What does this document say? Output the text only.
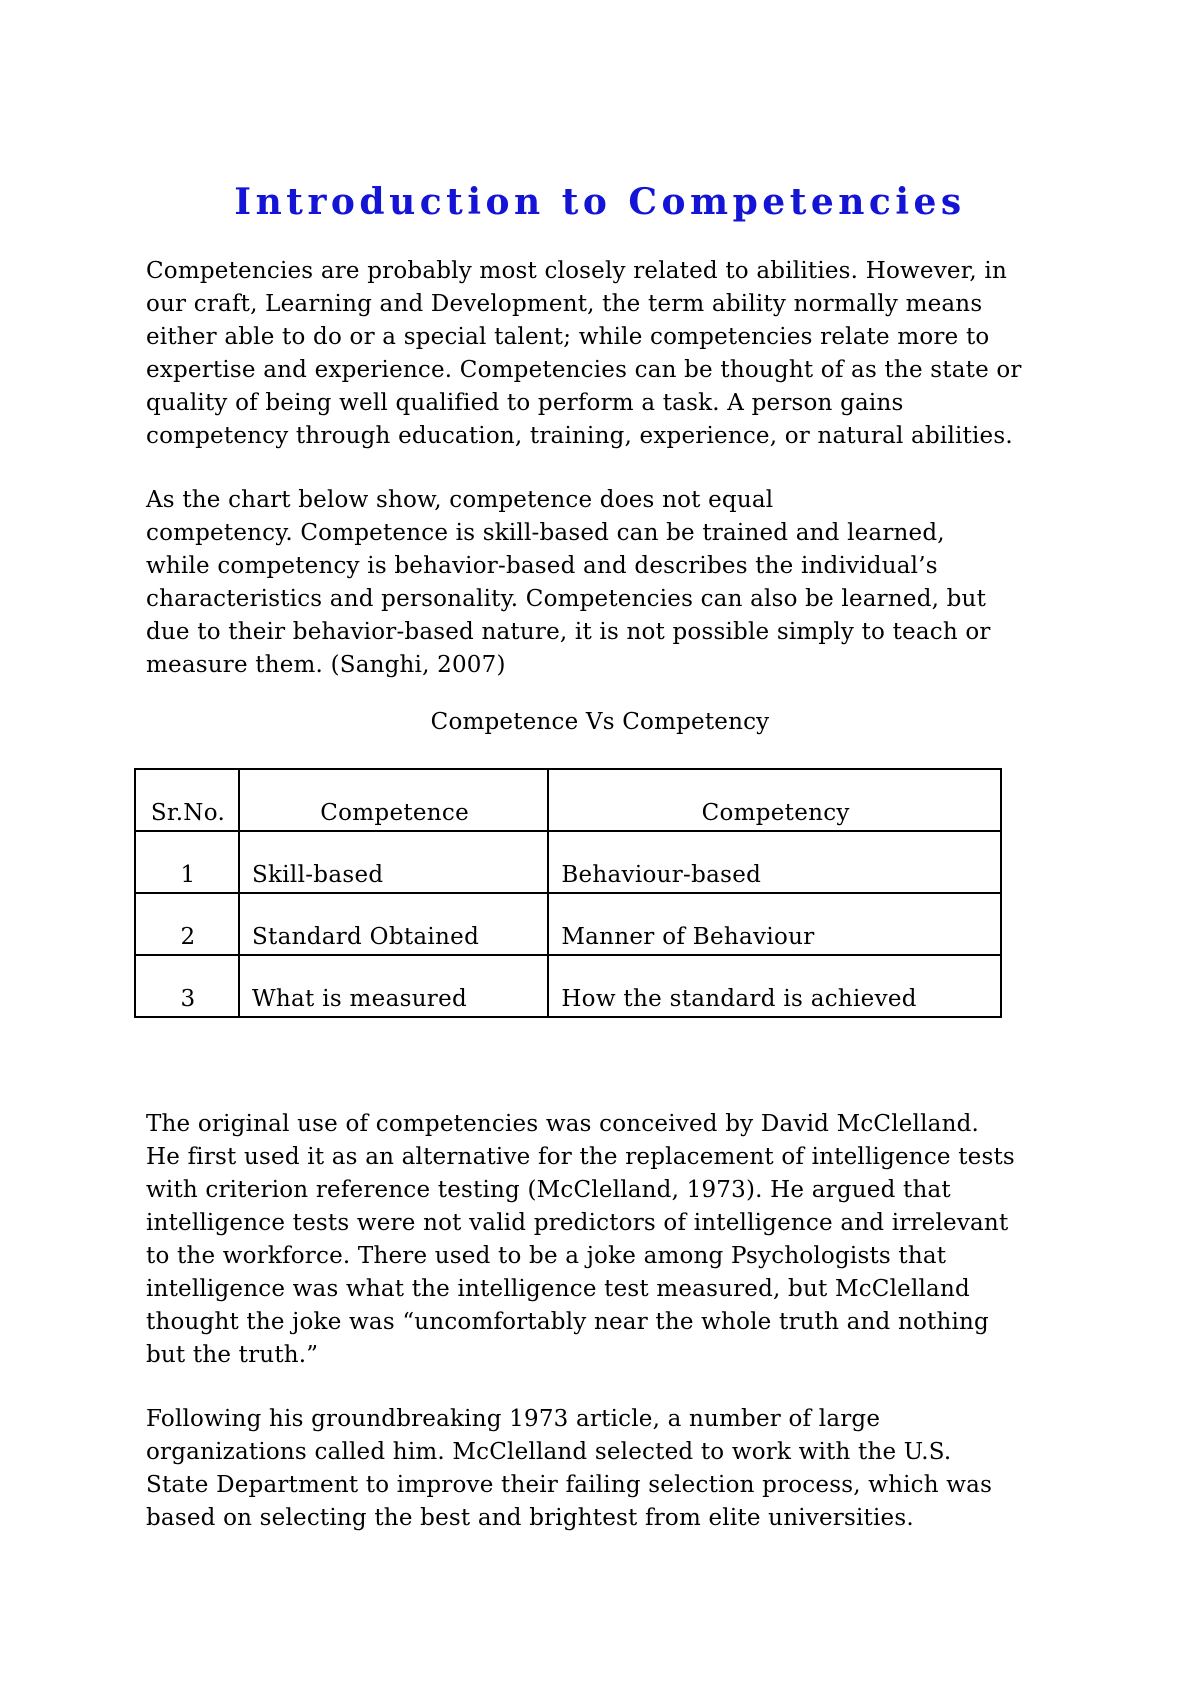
Introduction to Competencies

Competencies are probably most closely related to abilities. However, in
our craft, Learning and Development, the term ability normally means
either able to do or a special talent; while competencies relate more to
expertise and experience. Competencies can be thought of as the state or
quality of being well qualified to perform a task. A person gains
competency through education, training, experience, or natural abilities.

As the chart below show, competence does not equal
competency. Competence is skill-based can be trained and learned,
while competency is behavior-based and describes the individual’s
characteristics and personality. Competencies can also be learned, but
due to their behavior-based nature, it is not possible simply to teach or
measure them. (Sanghi, 2007)

Competence Vs Competency

Sr.No.	Competence	Competency
1	Skill-based	Behaviour-based
2	Standard Obtained	Manner of Behaviour
3	What is measured	How the standard is achieved

The original use of competencies was conceived by David McClelland.
He first used it as an alternative for the replacement of intelligence tests
with criterion reference testing (McClelland, 1973). He argued that
intelligence tests were not valid predictors of intelligence and irrelevant
to the workforce. There used to be a joke among Psychologists that
intelligence was what the intelligence test measured, but McClelland
thought the joke was “uncomfortably near the whole truth and nothing
but the truth.”

Following his groundbreaking 1973 article, a number of large
organizations called him. McClelland selected to work with the U.S.
State Department to improve their failing selection process, which was
based on selecting the best and brightest from elite universities.
